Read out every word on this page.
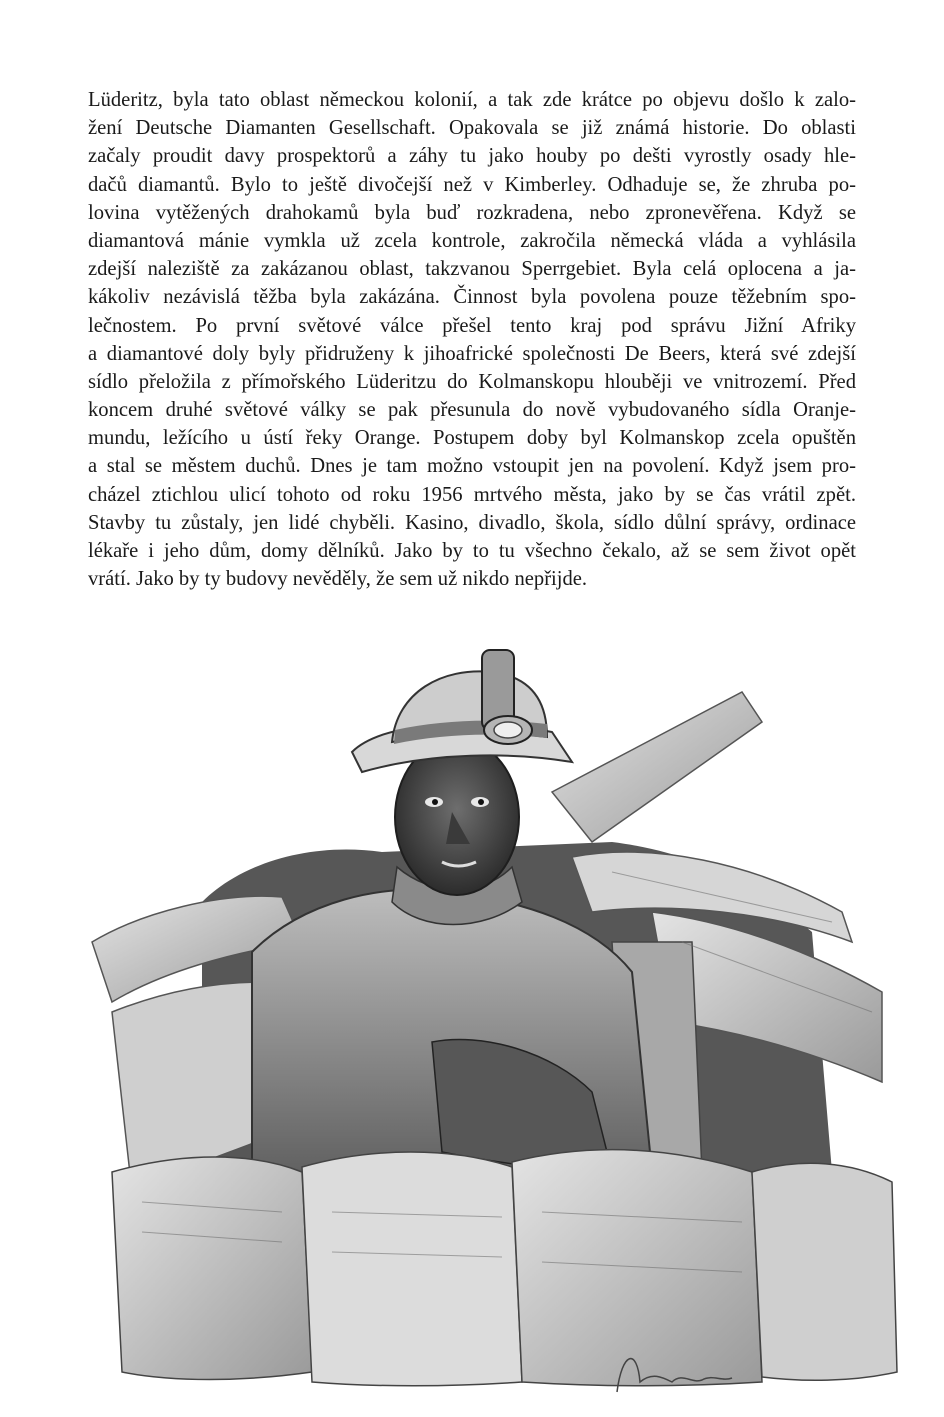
Lüderitz, byla tato oblast německou kolonií, a tak zde krátce po objevu došlo k zalo-
žení Deutsche Diamanten Gesellschaft. Opakovala se již známá historie. Do oblasti
začaly proudit davy prospektorů a záhy tu jako houby po dešti vyrostly osady hle-
dačů diamantů. Bylo to ještě divočejší než v Kimberley. Odhaduje se, že zhruba po-
lovina vytěžených drahokamů byla buď rozkradena, nebo zpronevěřena. Když se
diamantová mánie vymkla už zcela kontrole, zakročila německá vláda a vyhlásila
zdejší naleziště za zakázanou oblast, takzvanou Sperrgebiet. Byla celá oplocena a ja-
kákoliv nezávislá těžba byla zakázána. Činnost byla povolena pouze těžebním spo-
lečnostem. Po první světové válce přešel tento kraj pod správu Jižní Afriky
a diamantové doly byly přidruženy k jihoafrické společnosti De Beers, která své zdejší
sídlo přeložila z přímořského Lüderitzu do Kolmanskopu hlouběji ve vnitrozemí. Před
koncem druhé světové války se pak přesunula do nově vybudovaného sídla Oranje-
mundu, ležícího u ústí řeky Orange. Postupem doby byl Kolmanskop zcela opuštěn
a stal se městem duchů. Dnes je tam možno vstoupit jen na povolení. Když jsem pro-
cházel ztichlou ulicí tohoto od roku 1956 mrtvého města, jako by se čas vrátil zpět.
Stavby tu zůstaly, jen lidé chyběli. Kasino, divadlo, škola, sídlo důlní správy, ordinace
lékaře i jeho dům, domy dělníků. Jako by to tu všechno čekalo, až se sem život opět
vrátí. Jako by ty budovy nevěděly, že sem už nikdo nepřijde.
